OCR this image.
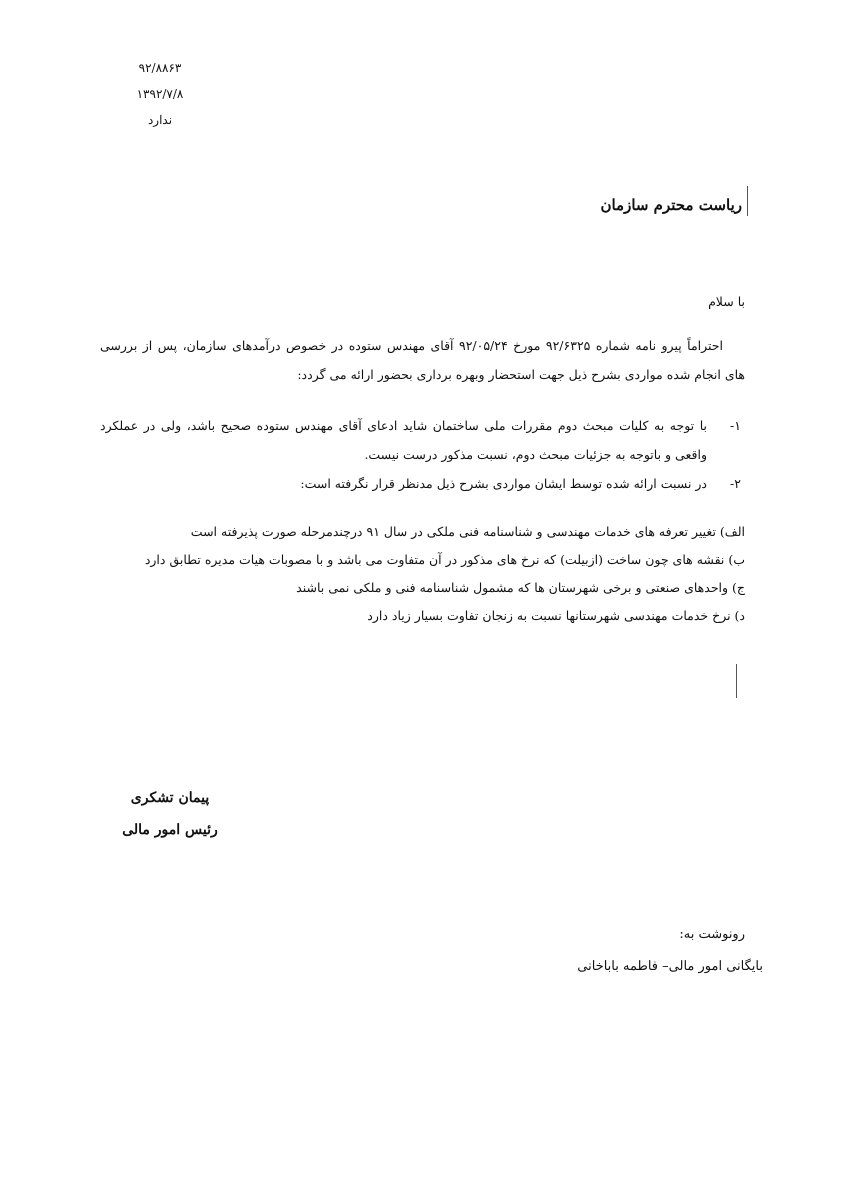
۹۲/۸۸۶۳
۱۳۹۲/۷/۸
ندارد
ریاست محترم سازمان
با سلام
احتراماً پیرو نامه شماره ۹۲/۶۳۲۵ مورخ ۹۲/۰۵/۲۴ آقای مهندس ستوده در خصوص درآمدهای سازمان، پس از بررسی های انجام شده مواردی بشرح ذیل جهت استحضار وبهره برداری بحضور ارائه می گردد:
۱-
با توجه به کلیات مبحث دوم مقررات ملی ساختمان شاید ادعای آقای مهندس ستوده صحیح باشد، ولی در عملکرد واقعی و باتوجه به جزئیات مبحث دوم، نسبت مذکور درست نیست.
۲-
در نسبت ارائه شده توسط ایشان مواردی بشرح ذیل مدنظر قرار نگرفته است:
الف) تغییر تعرفه های خدمات مهندسی و شناسنامه فنی ملکی در سال ۹۱ درچندمرحله صورت پذیرفته است
ب) نقشه های چون ساخت (ازبیلت) که نرخ های مذکور در آن متفاوت می باشد و با مصوبات هیات مدیره تطابق دارد
ج) واحدهای صنعتی و برخی شهرستان ها که مشمول شناسنامه فنی و ملکی نمی باشند
د) نرخ خدمات مهندسی شهرستانها نسبت به زنجان تفاوت بسیار زیاد دارد
پیمان تشکری
رئیس امور مالی
رونوشت به:
بایگانی امور مالی– فاطمه باباخانی
